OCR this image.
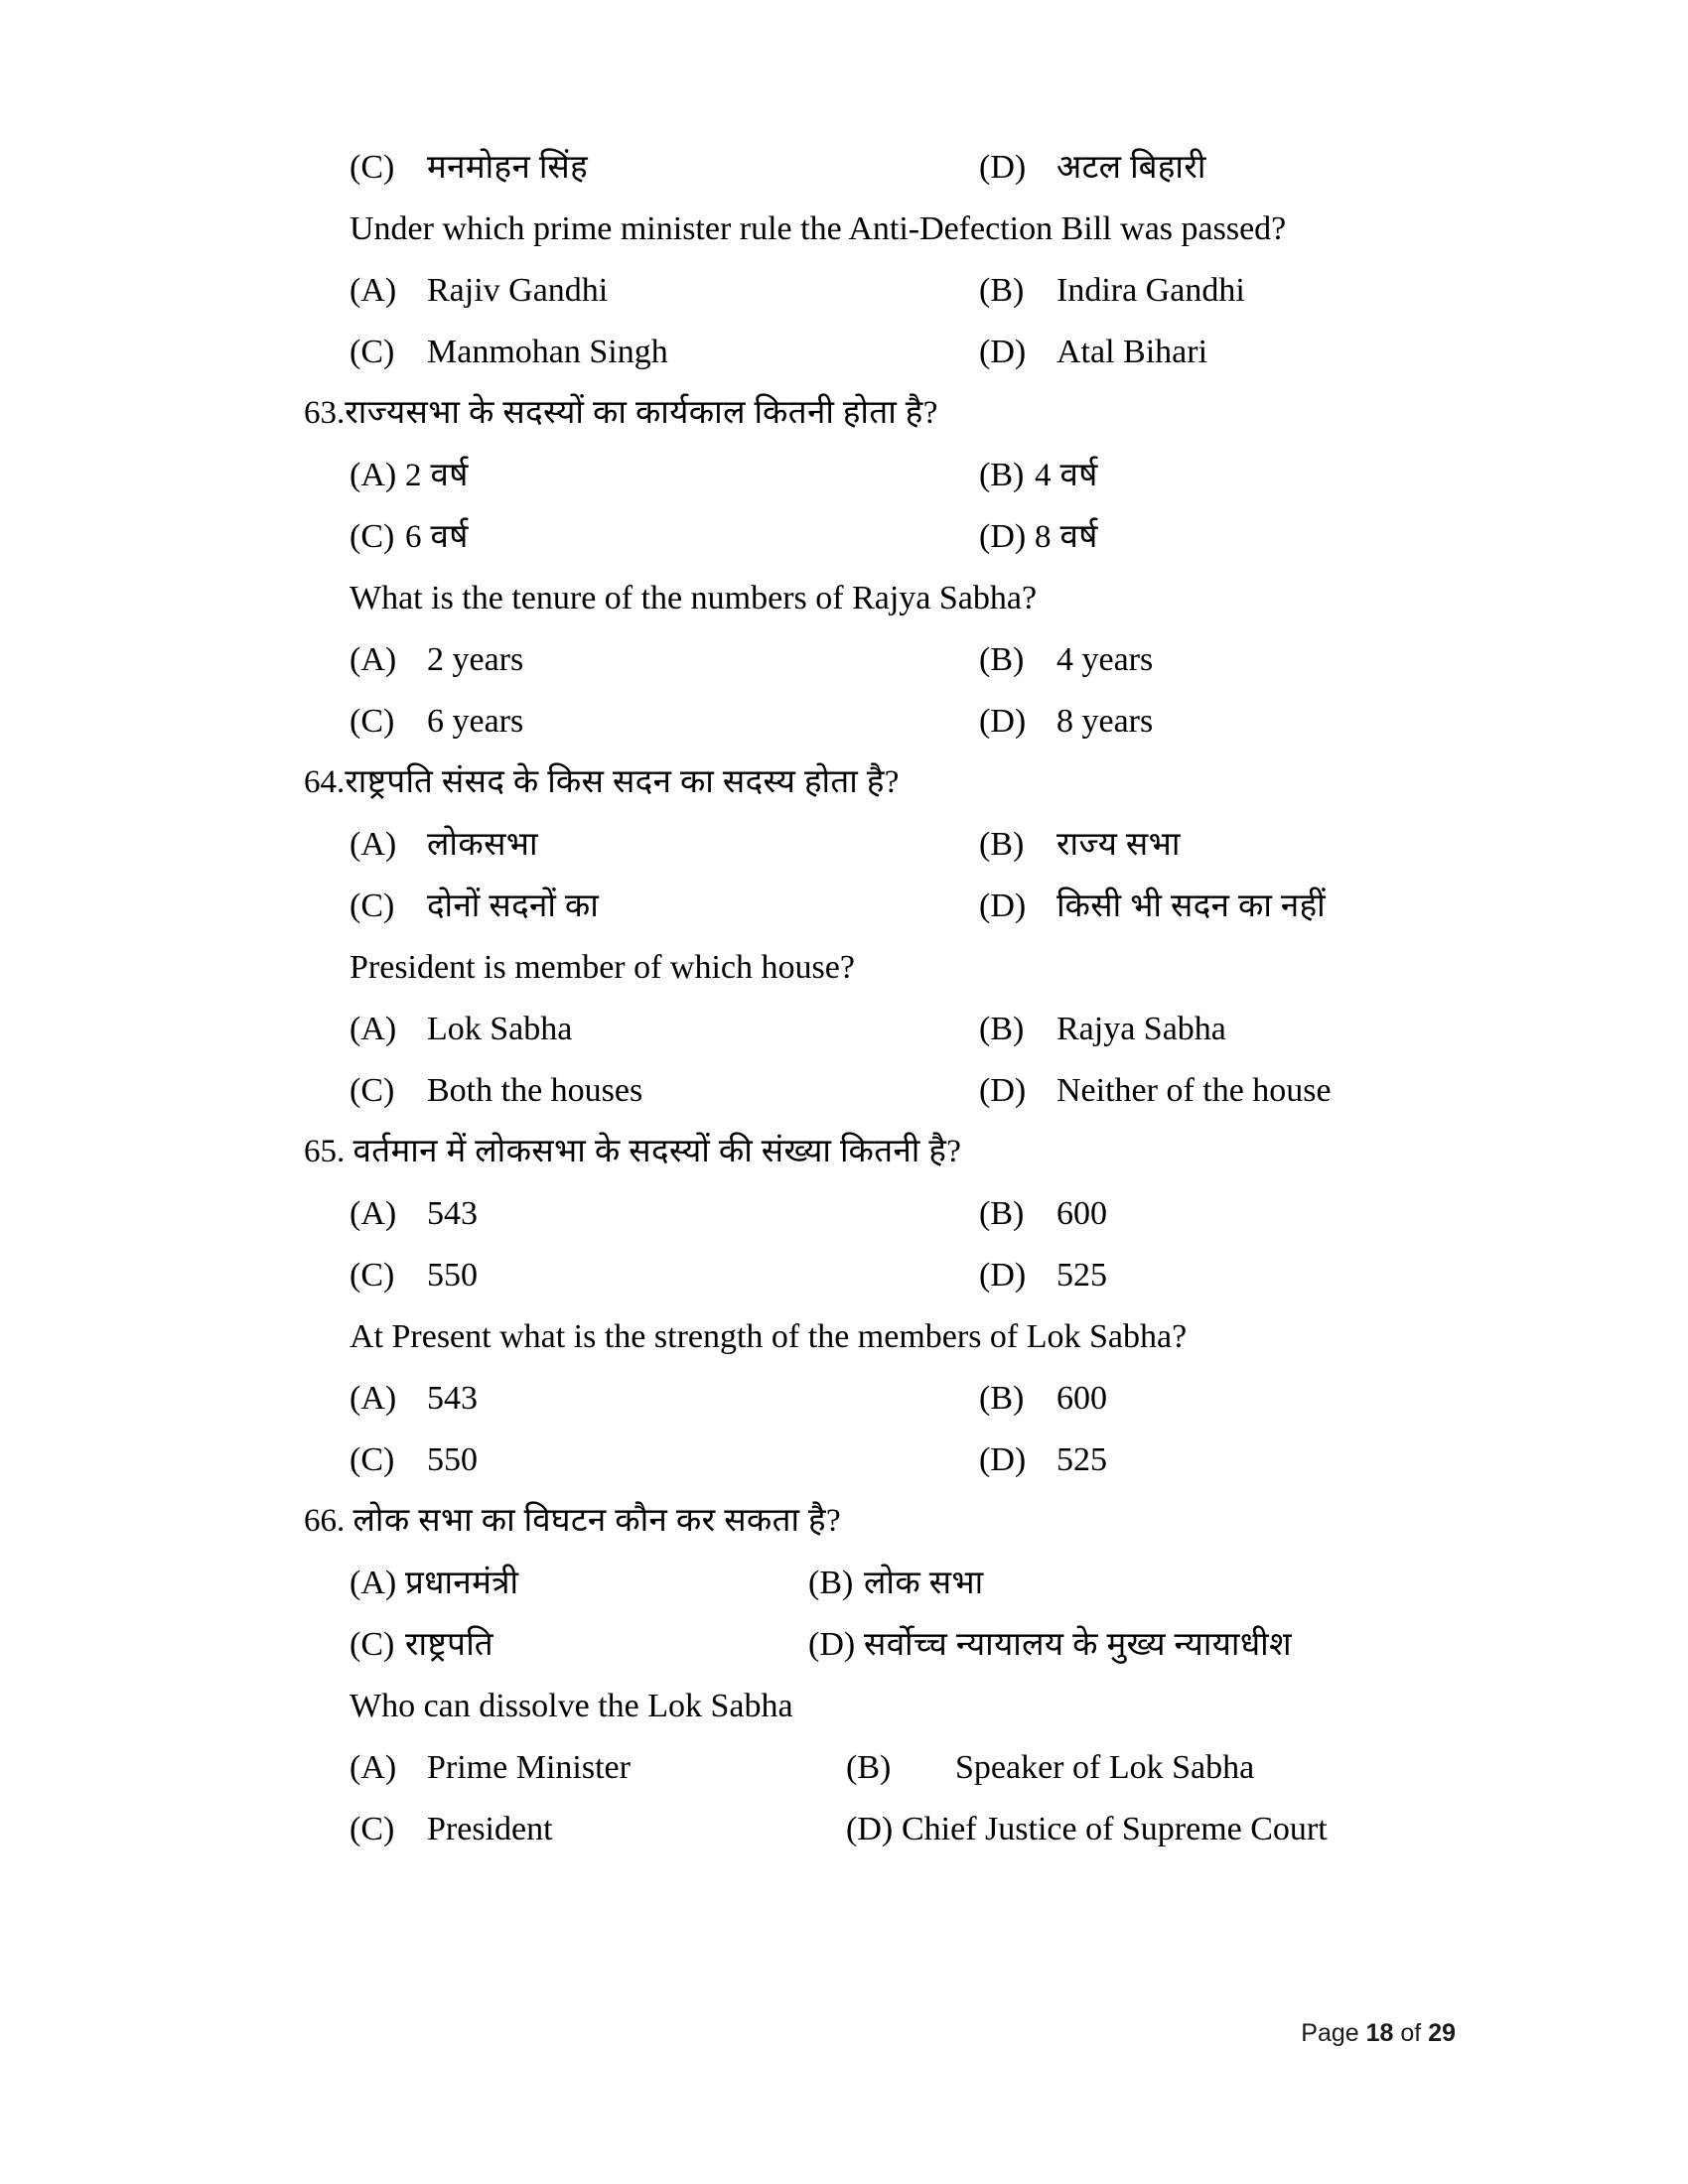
(C) मनमोहन सिंह	(D) अटल बिहारी
Under which prime minister rule the Anti-Defection Bill was passed?
(A) Rajiv Gandhi	(B) Indira Gandhi
(C) Manmohan Singh	(D) Atal Bihari
63. राज्यसभा के सदस्यों का कार्यकाल कितनी होता है?
(A) 2 वर्ष	(B) 4 वर्ष
(C) 6 वर्ष	(D) 8 वर्ष
What is the tenure of the numbers of Rajya Sabha?
(A) 2 years	(B) 4 years
(C) 6 years	(D) 8 years
64. राष्ट्रपति संसद के किस सदन का सदस्य होता है?
(A) लोकसभा	(B) राज्य सभा
(C) दोनों सदनों का	(D) किसी भी सदन का नहीं
President is member of which house?
(A) Lok Sabha	(B) Rajya Sabha
(C) Both the houses	(D) Neither of the house
65. वर्तमान में लोकसभा के सदस्यों की संख्या कितनी है?
(A) 543	(B) 600
(C) 550	(D) 525
At Present what is the strength of the members of Lok Sabha?
(A) 543	(B) 600
(C) 550	(D) 525
66. लोक सभा का विघटन कौन कर सकता है?
(A) प्रधानमंत्री	(B) लोक सभा
(C) राष्ट्रपति	(D) सर्वोच्च न्यायालय के मुख्य न्यायाधीश
Who can dissolve the Lok Sabha
(A) Prime Minister	(B)	Speaker of Lok Sabha
(C) President	(D) Chief Justice of Supreme Court
Page 18 of 29
